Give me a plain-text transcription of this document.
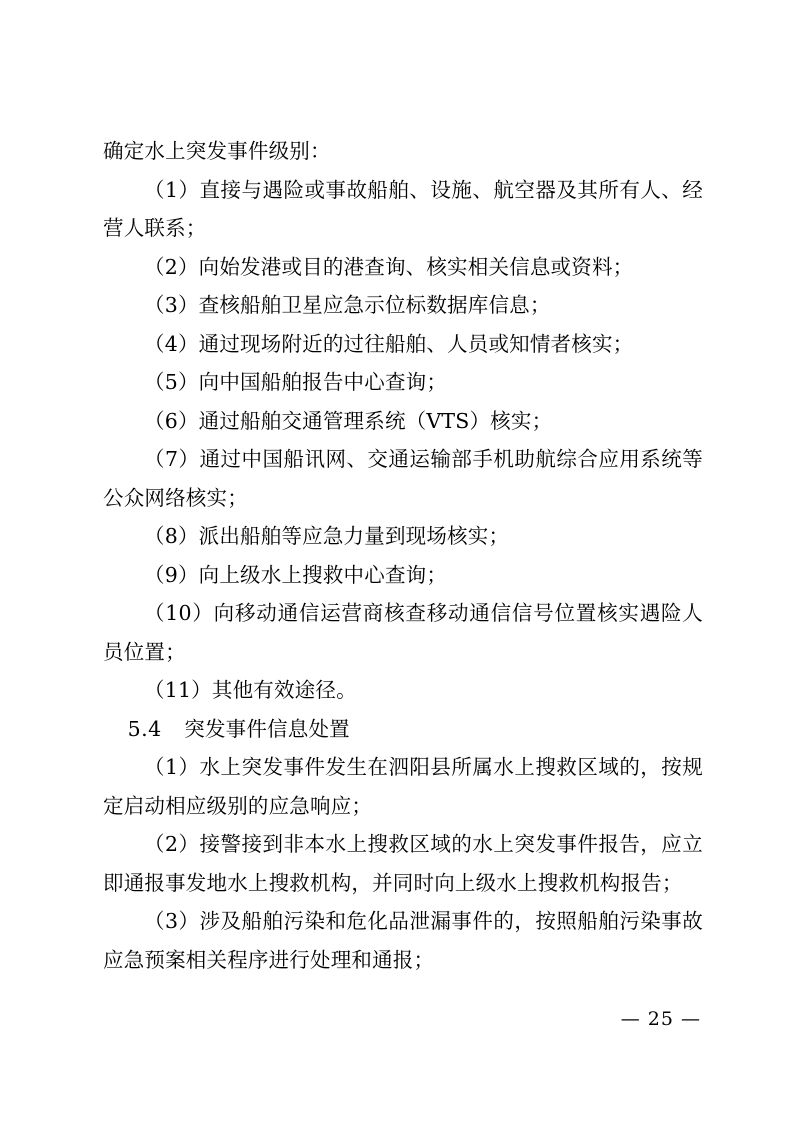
确定水上突发事件级别：

（1）直接与遇险或事故船舶、设施、航空器及其所有人、经营人联系；

（2）向始发港或目的港查询、核实相关信息或资料；

（3）查核船舶卫星应急示位标数据库信息；

（4）通过现场附近的过往船舶、人员或知情者核实；

（5）向中国船舶报告中心查询；

（6）通过船舶交通管理系统（VTS）核实；

（7）通过中国船讯网、交通运输部手机助航综合应用系统等公众网络核实；

（8）派出船舶等应急力量到现场核实；

（9）向上级水上搜救中心查询；

（10）向移动通信运营商核查移动通信信号位置核实遇险人员位置；

（11）其他有效途径。

5.4 突发事件信息处置

（1）水上突发事件发生在泗阳县所属水上搜救区域的，按规定启动相应级别的应急响应；

（2）接警接到非本水上搜救区域的水上突发事件报告，应立即通报事发地水上搜救机构，并同时向上级水上搜救机构报告；

（3）涉及船舶污染和危化品泄漏事件的，按照船舶污染事故应急预案相关程序进行处理和通报；

— 25 —
